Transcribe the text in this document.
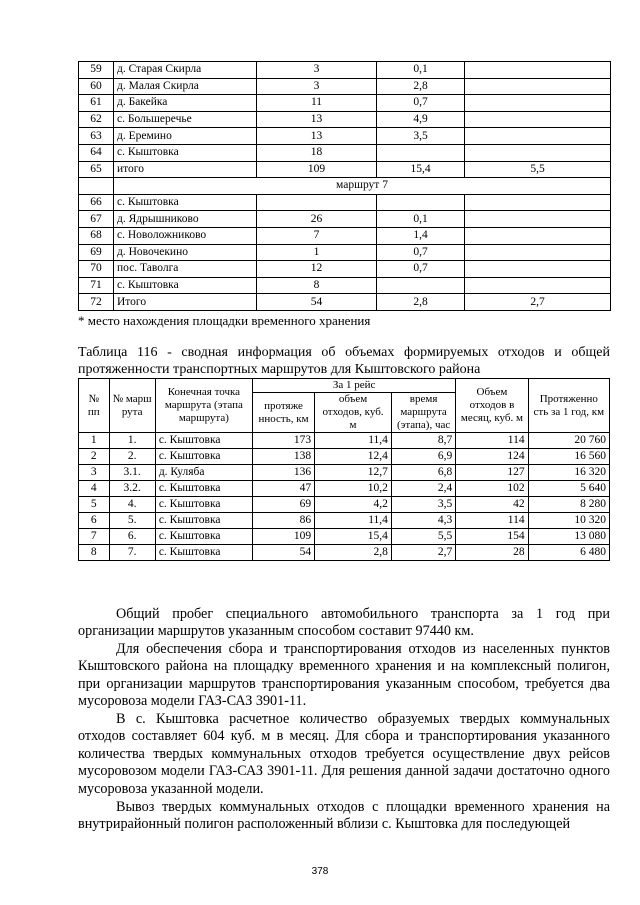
59	д. Старая Скирла	3	0,1	
60	д. Малая Скирла	3	2,8	
61	д. Бакейка	11	0,7	
62	с. Большеречье	13	4,9	
63	д. Еремино	13	3,5	
64	с. Кыштовка	18		
65	итого	109	15,4	5,5
	маршрут 7			
66	с. Кыштовка			
67	д. Ядрышниково	26	0,1	
68	с. Новоложниково	7	1,4	
69	д. Новочекино	1	0,7	
70	пос. Таволга	12	0,7	
71	с. Кыштовка	8		
72	Итого	54	2,8	2,7
* место нахождения площадки временного хранения
Таблица 116 - сводная информация об объемах формируемых отходов и общей протяженности транспортных маршрутов для Кыштовского района
№ пп	№ марш рута	Конечная точка маршрута (этапа маршрута)	За 1 рейс			Объем отходов в месяц, куб. м	Протяженно сть за 1 год, км
			протяже нность, км	объем отходов, куб. м	время маршрута (этапа), час		
1	1.	с. Кыштовка	173	11,4	8,7	114	20 760
2	2.	с. Кыштовка	138	12,4	6,9	124	16 560
3	3.1.	д. Куляба	136	12,7	6,8	127	16 320
4	3.2.	с. Кыштовка	47	10,2	2,4	102	5 640
5	4.	с. Кыштовка	69	4,2	3,5	42	8 280
6	5.	с. Кыштовка	86	11,4	4,3	114	10 320
7	6.	с. Кыштовка	109	15,4	5,5	154	13 080
8	7.	с. Кыштовка	54	2,8	2,7	28	6 480
Общий пробег специального автомобильного транспорта за 1 год при организации маршрутов указанным способом составит 97440 км.
Для обеспечения сбора и транспортирования отходов из населенных пунктов Кыштовского района на площадку временного хранения и на комплексный полигон, при организации маршрутов транспортирования указанным способом, требуется два мусоровоза модели ГАЗ-САЗ 3901-11.
В с. Кыштовка расчетное количество образуемых твердых коммунальных отходов составляет 604 куб. м в месяц. Для сбора и транспортирования указанного количества твердых коммунальных отходов требуется осуществление двух рейсов мусоровозом модели ГАЗ-САЗ 3901-11. Для решения данной задачи достаточно одного мусоровоза указанной модели.
Вывоз твердых коммунальных отходов с площадки временного хранения на внутрирайонный полигон расположенный вблизи с. Кыштовка для последующей
378
